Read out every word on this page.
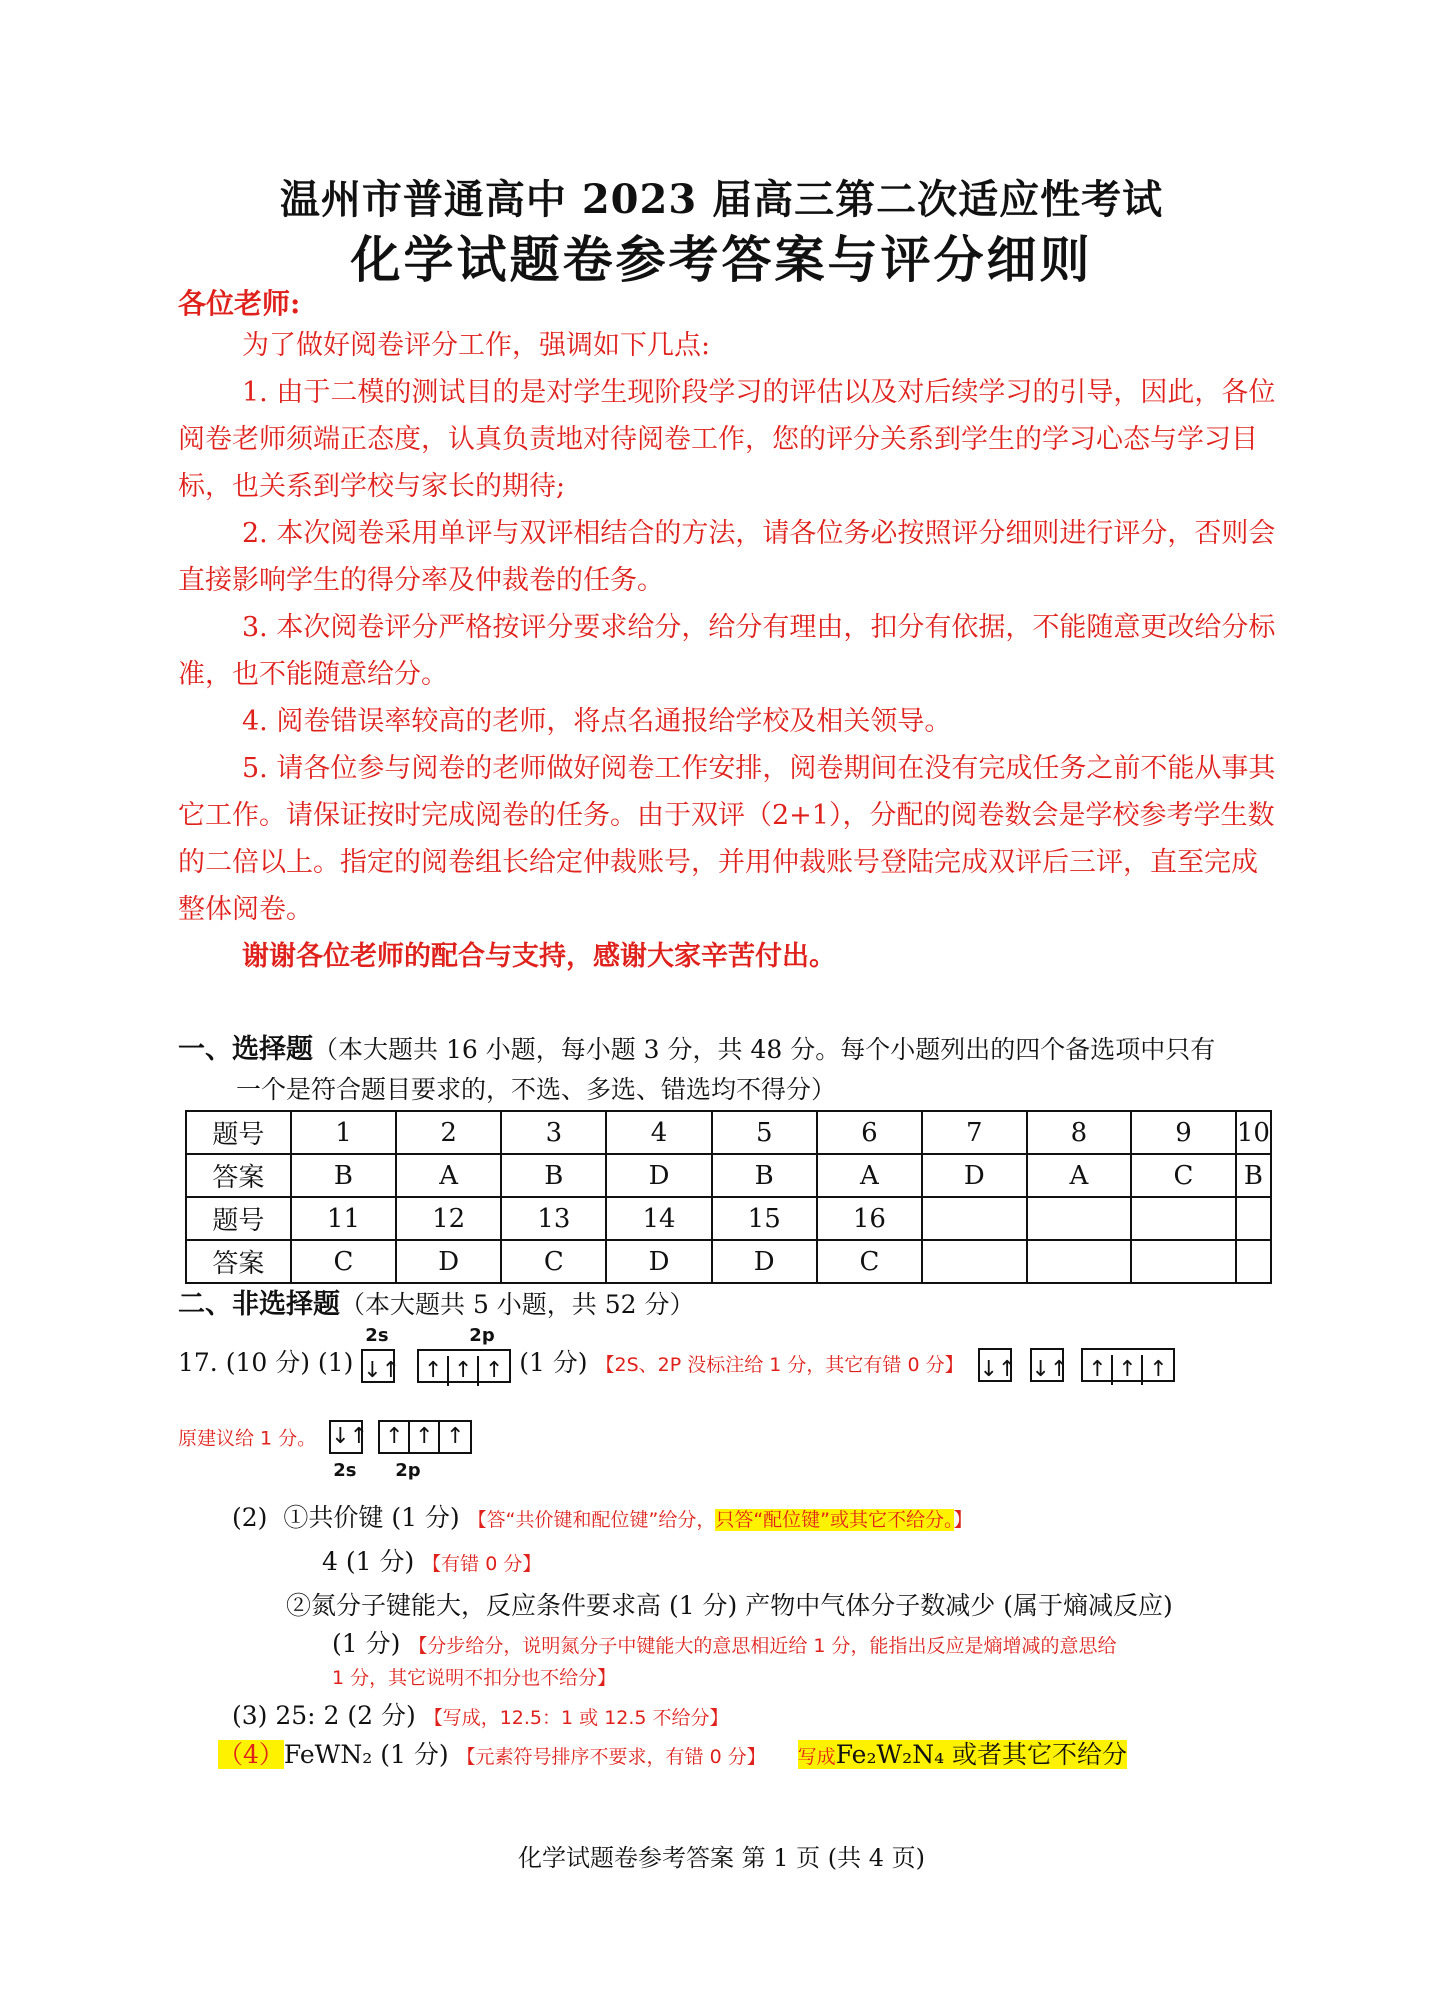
温州市普通高中 2023 届高三第二次适应性考试
化学试题卷参考答案与评分细则
各位老师:

为了做好阅卷评分工作，强调如下几点:

1. 由于二模的测试目的是对学生现阶段学习的评估以及对后续学习的引导，因此，各位阅卷老师须端正态度，认真负责地对待阅卷工作，您的评分关系到学生的学习心态与学习目标，也关系到学校与家长的期待;

2. 本次阅卷采用单评与双评相结合的方法，请各位务必按照评分细则进行评分，否则会直接影响学生的得分率及仲裁卷的任务。

3. 本次阅卷评分严格按评分要求给分，给分有理由，扣分有依据，不能随意更改给分标准，也不能随意给分。

4. 阅卷错误率较高的老师，将点名通报给学校及相关领导。

5. 请各位参与阅卷的老师做好阅卷工作安排，阅卷期间在没有完成任务之前不能从事其它工作。请保证按时完成阅卷的任务。由于双评（2+1），分配的阅卷数会是学校参考学生数的二倍以上。指定的阅卷组长给定仲裁账号，并用仲裁账号登陆完成双评后三评，直至完成整体阅卷。

谢谢各位老师的配合与支持，感谢大家辛苦付出。

一、选择题（本大题共 16 小题，每小题 3 分，共 48 分。每个小题列出的四个备选项中只有
一个是符合题目要求的，不选、多选、错选均不得分）
题号	1	2	3	4	5	6	7	8	9	10
答案	B	A	B	D	B	A	D	A	C	B
题号	11	12	13	14	15	16				
答案	C	D	C	D	D	C				
二、非选择题（本大题共 5 小题，共 52 分）
17. (10 分) (1)
2s	2p
↓↑ ↑ ↑ ↑ (1 分) 【2S、2P 没标注给 1 分，其它有错 0 分】 ↓↑ ↓↑ ↑ ↑ ↑
原建议给 1 分。 ↓↑ ↑ ↑ ↑
2s 2p
(2) ①共价键 (1 分) 【答“共价键和配位键”给分，只答“配位键”或其它不给分。】
4 (1 分) 【有错 0 分】
②氮分子键能大，反应条件要求高 (1 分) 产物中气体分子数减少 (属于熵减反应)
(1 分) 【分步给分，说明氮分子中键能大的意思相近给 1 分，能指出反应是熵增减的意思给
1 分，其它说明不扣分也不给分】
(3) 25: 2 (2 分) 【写成，12.5：1 或 12.5 不给分】
（4）FeWN₂ (1 分) 【元素符号排序不要求，有错 0 分】 写成Fe₂W₂N₄ 或者其它不给分
化学试题卷参考答案 第 1 页 (共 4 页)
